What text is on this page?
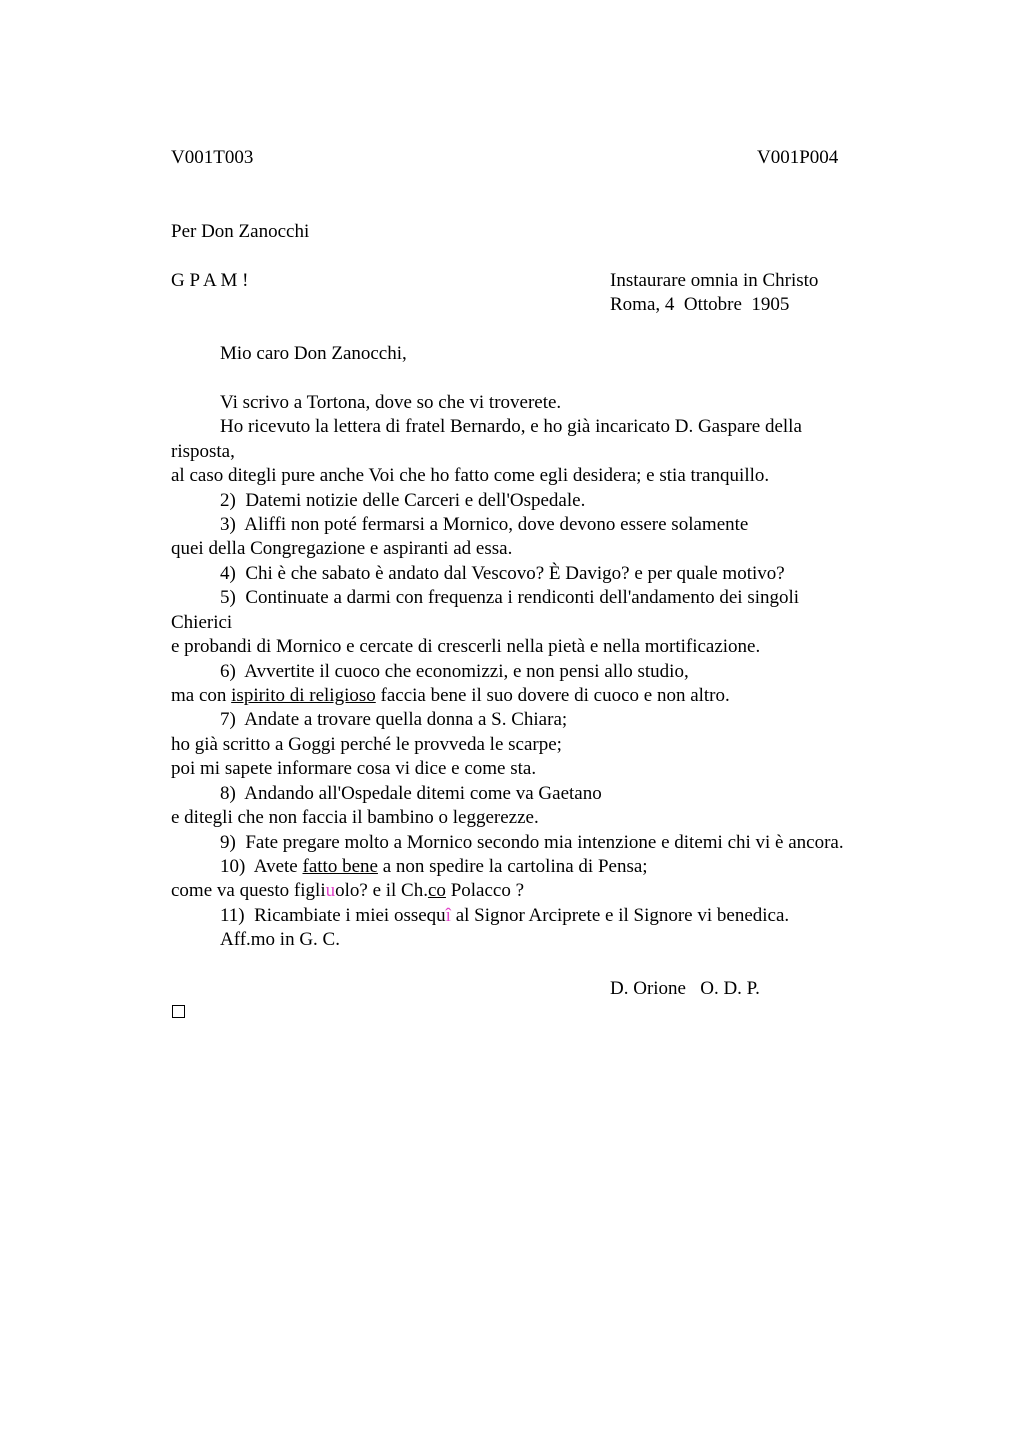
V001T003	V001P004
Per Don Zanocchi
G P A M !	Instaurare omnia in Christo
Roma, 4  Ottobre  1905
Mio caro Don Zanocchi,
Vi scrivo a Tortona, dove so che vi troverete.
Ho ricevuto la lettera di fratel Bernardo, e ho già incaricato D. Gaspare della
risposta,
al caso ditegli pure anche Voi che ho fatto come egli desidera; e stia tranquillo.
2)  Datemi notizie delle Carceri e dell'Ospedale.
3)  Aliffi non poté fermarsi a Mornico, dove devono essere solamente
quei della Congregazione e aspiranti ad essa.
4)  Chi è che sabato è andato dal Vescovo? È Davigo? e per quale motivo?
5)  Continuate a darmi con frequenza i rendiconti dell'andamento dei singoli
Chierici
e probandi di Mornico e cercate di crescerli nella pietà e nella mortificazione.
6)  Avvertite il cuoco che economizzi, e non pensi allo studio,
ma con ispirito di religioso faccia bene il suo dovere di cuoco e non altro.
7)  Andate a trovare quella donna a S. Chiara;
ho già scritto a Goggi perché le provveda le scarpe;
poi mi sapete informare cosa vi dice e come sta.
8)  Andando all'Ospedale ditemi come va Gaetano
e ditegli che non faccia il bambino o leggerezze.
9)  Fate pregare molto a Mornico secondo mia intenzione e ditemi chi vi è ancora.
10)  Avete fatto bene a non spedire la cartolina di Pensa;
come va questo figliuolo? e il Ch.co Polacco ?
11)  Ricambiate i miei ossequî al Signor Arciprete e il Signore vi benedica.
Aff.mo in G. C.
D. Orione   O. D. P.
